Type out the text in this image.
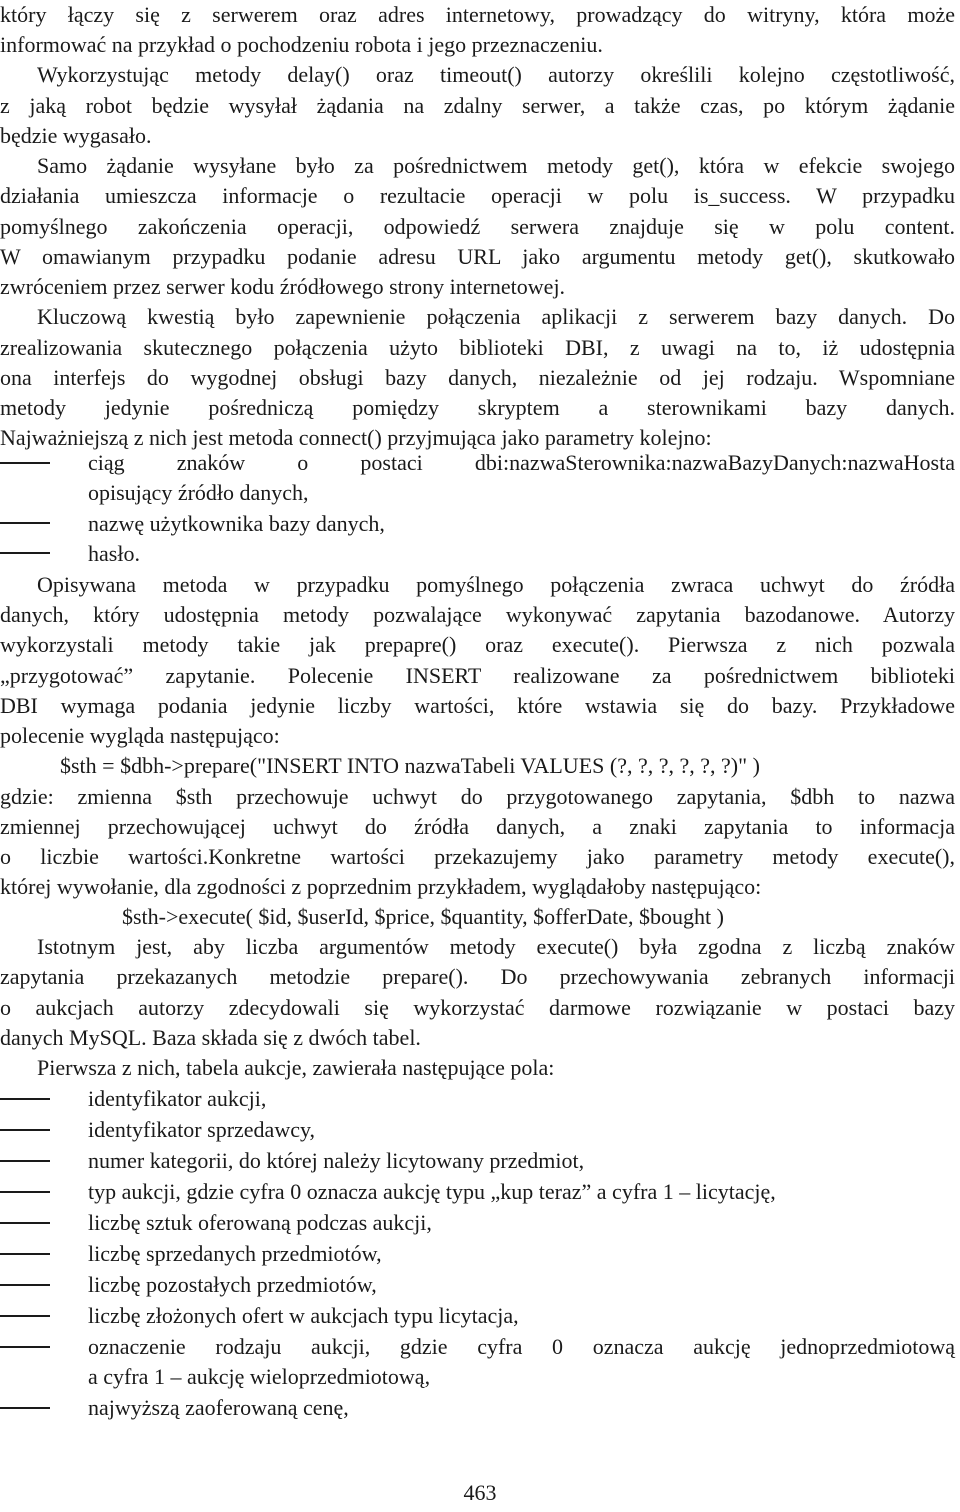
który łączy się z serwerem oraz adres internetowy, prowadzący do witryny, która może
informować na przykład o pochodzeniu robota i jego przeznaczeniu.
Wykorzystując metody delay() oraz timeout() autorzy określili kolejno częstotliwość,
z jaką robot będzie wysyłał żądania na zdalny serwer, a także czas, po którym żądanie
będzie wygasało.
Samo żądanie wysyłane było za pośrednictwem metody get(), która w efekcie swojego
działania umieszcza informacje o rezultacie operacji w polu is_success. W przypadku
pomyślnego zakończenia operacji, odpowiedź serwera znajduje się w polu content.
W omawianym przypadku podanie adresu URL jako argumentu metody get(), skutkowało
zwróceniem przez serwer kodu źródłowego strony internetowej.
Kluczową kwestią było zapewnienie połączenia aplikacji z serwerem bazy danych. Do
zrealizowania skutecznego połączenia użyto biblioteki DBI, z uwagi na to, iż udostępnia
ona interfejs do wygodnej obsługi bazy danych, niezależnie od jej rodzaju. Wspomniane
metody jedynie pośredniczą pomiędzy skryptem a sterownikami bazy danych.
Najważniejszą z nich jest metoda connect() przyjmująca jako parametry kolejno:
ciąg znaków o postaci dbi:nazwaSterownika:nazwaBazyDanych:nazwaHosta
opisujący źródło danych,
nazwę użytkownika bazy danych,
hasło.
Opisywana metoda w przypadku pomyślnego połączenia zwraca uchwyt do źródła
danych, który udostępnia metody pozwalające wykonywać zapytania bazodanowe. Autorzy
wykorzystali metody takie jak prepapre() oraz execute(). Pierwsza z nich pozwala
„przygotować” zapytanie. Polecenie INSERT realizowane za pośrednictwem biblioteki
DBI wymaga podania jedynie liczby wartości, które wstawia się do bazy. Przykładowe
polecenie wygląda następująco:
$sth = $dbh->prepare("INSERT INTO nazwaTabeli VALUES (?, ?, ?, ?, ?, ?)" )
gdzie: zmienna $sth przechowuje uchwyt do przygotowanego zapytania, $dbh to nazwa
zmiennej przechowującej uchwyt do źródła danych, a znaki zapytania to informacja
o liczbie wartości.Konkretne wartości przekazujemy jako parametry metody execute(),
której wywołanie, dla zgodności z poprzednim przykładem, wyglądałoby następująco:
$sth->execute( $id, $userId, $price, $quantity, $offerDate, $bought )
Istotnym jest, aby liczba argumentów metody execute() była zgodna z liczbą znaków
zapytania przekazanych metodzie prepare(). Do przechowywania zebranych informacji
o aukcjach autorzy zdecydowali się wykorzystać darmowe rozwiązanie w postaci bazy
danych MySQL. Baza składa się z dwóch tabel.
Pierwsza z nich, tabela aukcje, zawierała następujące pola:
identyfikator aukcji,
identyfikator sprzedawcy,
numer kategorii, do której należy licytowany przedmiot,
typ aukcji, gdzie cyfra 0 oznacza aukcję typu „kup teraz” a cyfra 1 – licytację,
liczbę sztuk oferowaną podczas aukcji,
liczbę sprzedanych przedmiotów,
liczbę pozostałych przedmiotów,
liczbę złożonych ofert w aukcjach typu licytacja,
oznaczenie rodzaju aukcji, gdzie cyfra 0 oznacza aukcję jednoprzedmiotową
a cyfra 1 – aukcję wieloprzedmiotową,
najwyższą zaoferowaną cenę,
463
